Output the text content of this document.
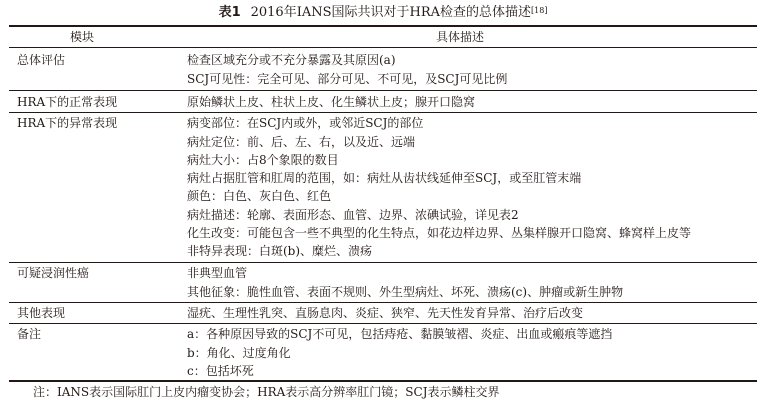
表1 2016年IANS国际共识对于HRA检查的总体描述[18]
模块	具体描述
总体评估	检查区域充分或不充分暴露及其原因(a)
SCJ可见性：完全可见、部分可见、不可见，及SCJ可见比例
HRA下的正常表现	原始鳞状上皮、柱状上皮、化生鳞状上皮；腺开口隐窝
HRA下的异常表现	病变部位：在SCJ内或外，或邻近SCJ的部位
病灶定位：前、后、左、右，以及近、远端
病灶大小：占8个象限的数目
病灶占据肛管和肛周的范围，如：病灶从齿状线延伸至SCJ，或至肛管末端
颜色：白色、灰白色、红色
病灶描述：轮廓、表面形态、血管、边界、浓碘试验，详见表2
化生改变：可能包含一些不典型的化生特点，如花边样边界、丛集样腺开口隐窝、蜂窝样上皮等
非特异表现：白斑(b)、糜烂、溃疡
可疑浸润性癌	非典型血管
其他征象：脆性血管、表面不规则、外生型病灶、坏死、溃疡(c)、肿瘤或新生肿物
其他表现	湿疣、生理性乳突、直肠息肉、炎症、狭窄、先天性发育异常、治疗后改变
备注	a：各种原因导致的SCJ不可见，包括痔疮、黏膜皱褶、炎症、出血或瘢痕等遮挡
b：角化、过度角化
c：包括坏死
注：IANS表示国际肛门上皮内瘤变协会；HRA表示高分辨率肛门镜；SCJ表示鳞柱交界
